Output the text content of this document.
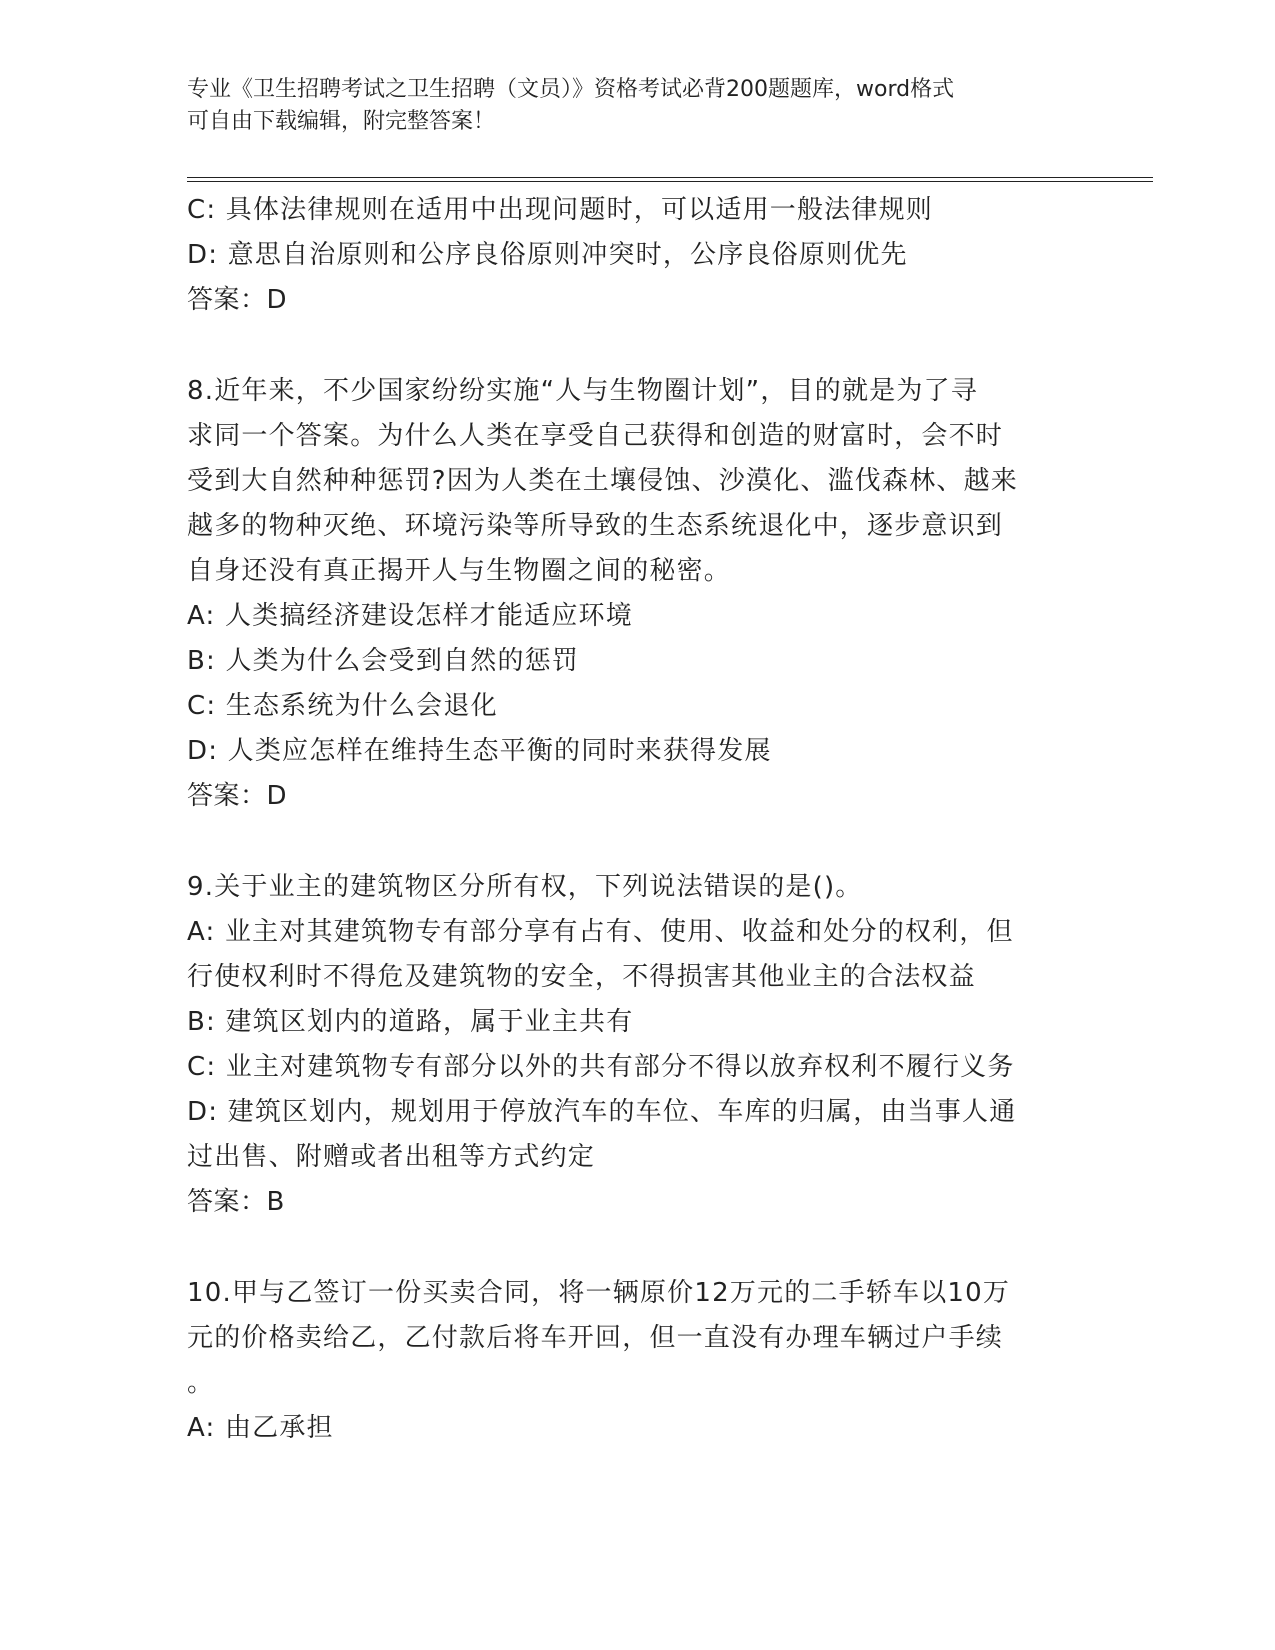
专业《卫生招聘考试之卫生招聘（文员）》资格考试必背200题题库，word格式
可自由下载编辑，附完整答案！
C: 具体法律规则在适用中出现问题时，可以适用一般法律规则
D: 意思自治原则和公序良俗原则冲突时，公序良俗原则优先
答案：D
8.近年来，不少国家纷纷实施“人与生物圈计划”，目的就是为了寻
求同一个答案。为什么人类在享受自己获得和创造的财富时，会不时
受到大自然种种惩罚?因为人类在土壤侵蚀、沙漠化、滥伐森林、越来
越多的物种灭绝、环境污染等所导致的生态系统退化中，逐步意识到
自身还没有真正揭开人与生物圈之间的秘密。
A: 人类搞经济建设怎样才能适应环境
B: 人类为什么会受到自然的惩罚
C: 生态系统为什么会退化
D: 人类应怎样在维持生态平衡的同时来获得发展
答案：D
9.关于业主的建筑物区分所有权，下列说法错误的是()。
A: 业主对其建筑物专有部分享有占有、使用、收益和处分的权利，但
行使权利时不得危及建筑物的安全，不得损害其他业主的合法权益
B: 建筑区划内的道路，属于业主共有
C: 业主对建筑物专有部分以外的共有部分不得以放弃权利不履行义务
D: 建筑区划内，规划用于停放汽车的车位、车库的归属，由当事人通
过出售、附赠或者出租等方式约定
答案：B
10.甲与乙签订一份买卖合同，将一辆原价12万元的二手轿车以10万
元的价格卖给乙，乙付款后将车开回，但一直没有办理车辆过户手续
。
A: 由乙承担
